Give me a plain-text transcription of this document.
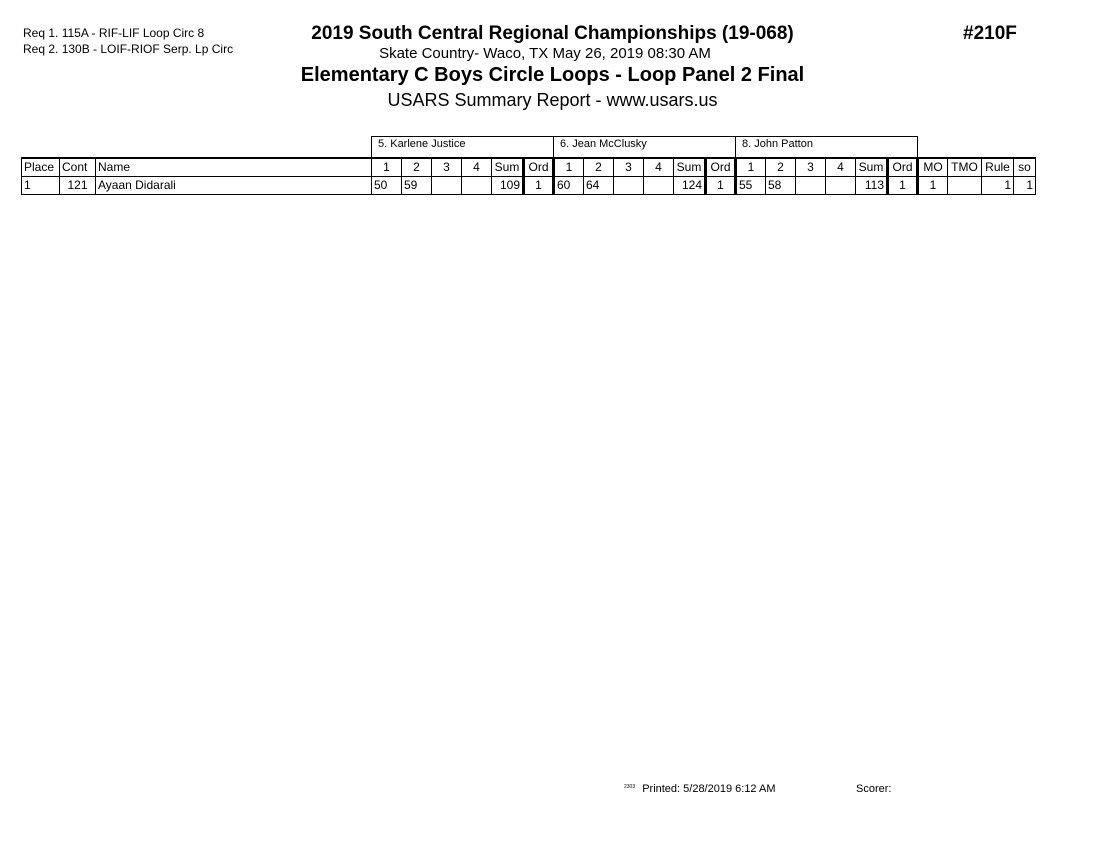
Req 1. 115A - RIF-LIF Loop Circ 8
Req 2. 130B - LOIF-RIOF Serp. Lp Circ
2019 South Central Regional Championships (19-068)
Skate Country- Waco, TX May 26, 2019 08:30 AM
Elementary C Boys Circle Loops - Loop Panel 2 Final
USARS Summary Report - www.usars.us
#210F
			5. Karlene Justice						6. Jean McClusky						8. John Patton									
Place	Cont	Name	1	2	3	4	Sum	Ord	1	2	3	4	Sum	Ord	1	2	3	4	Sum	Ord	MO	TMO	Rule	so
1	121	Ayaan Didarali	50	59			109	1	60	64			124	1	55	58			113	1	1		1	1
$^{2303}$ Printed: 5/28/2019 6:12 AM	Scorer:
